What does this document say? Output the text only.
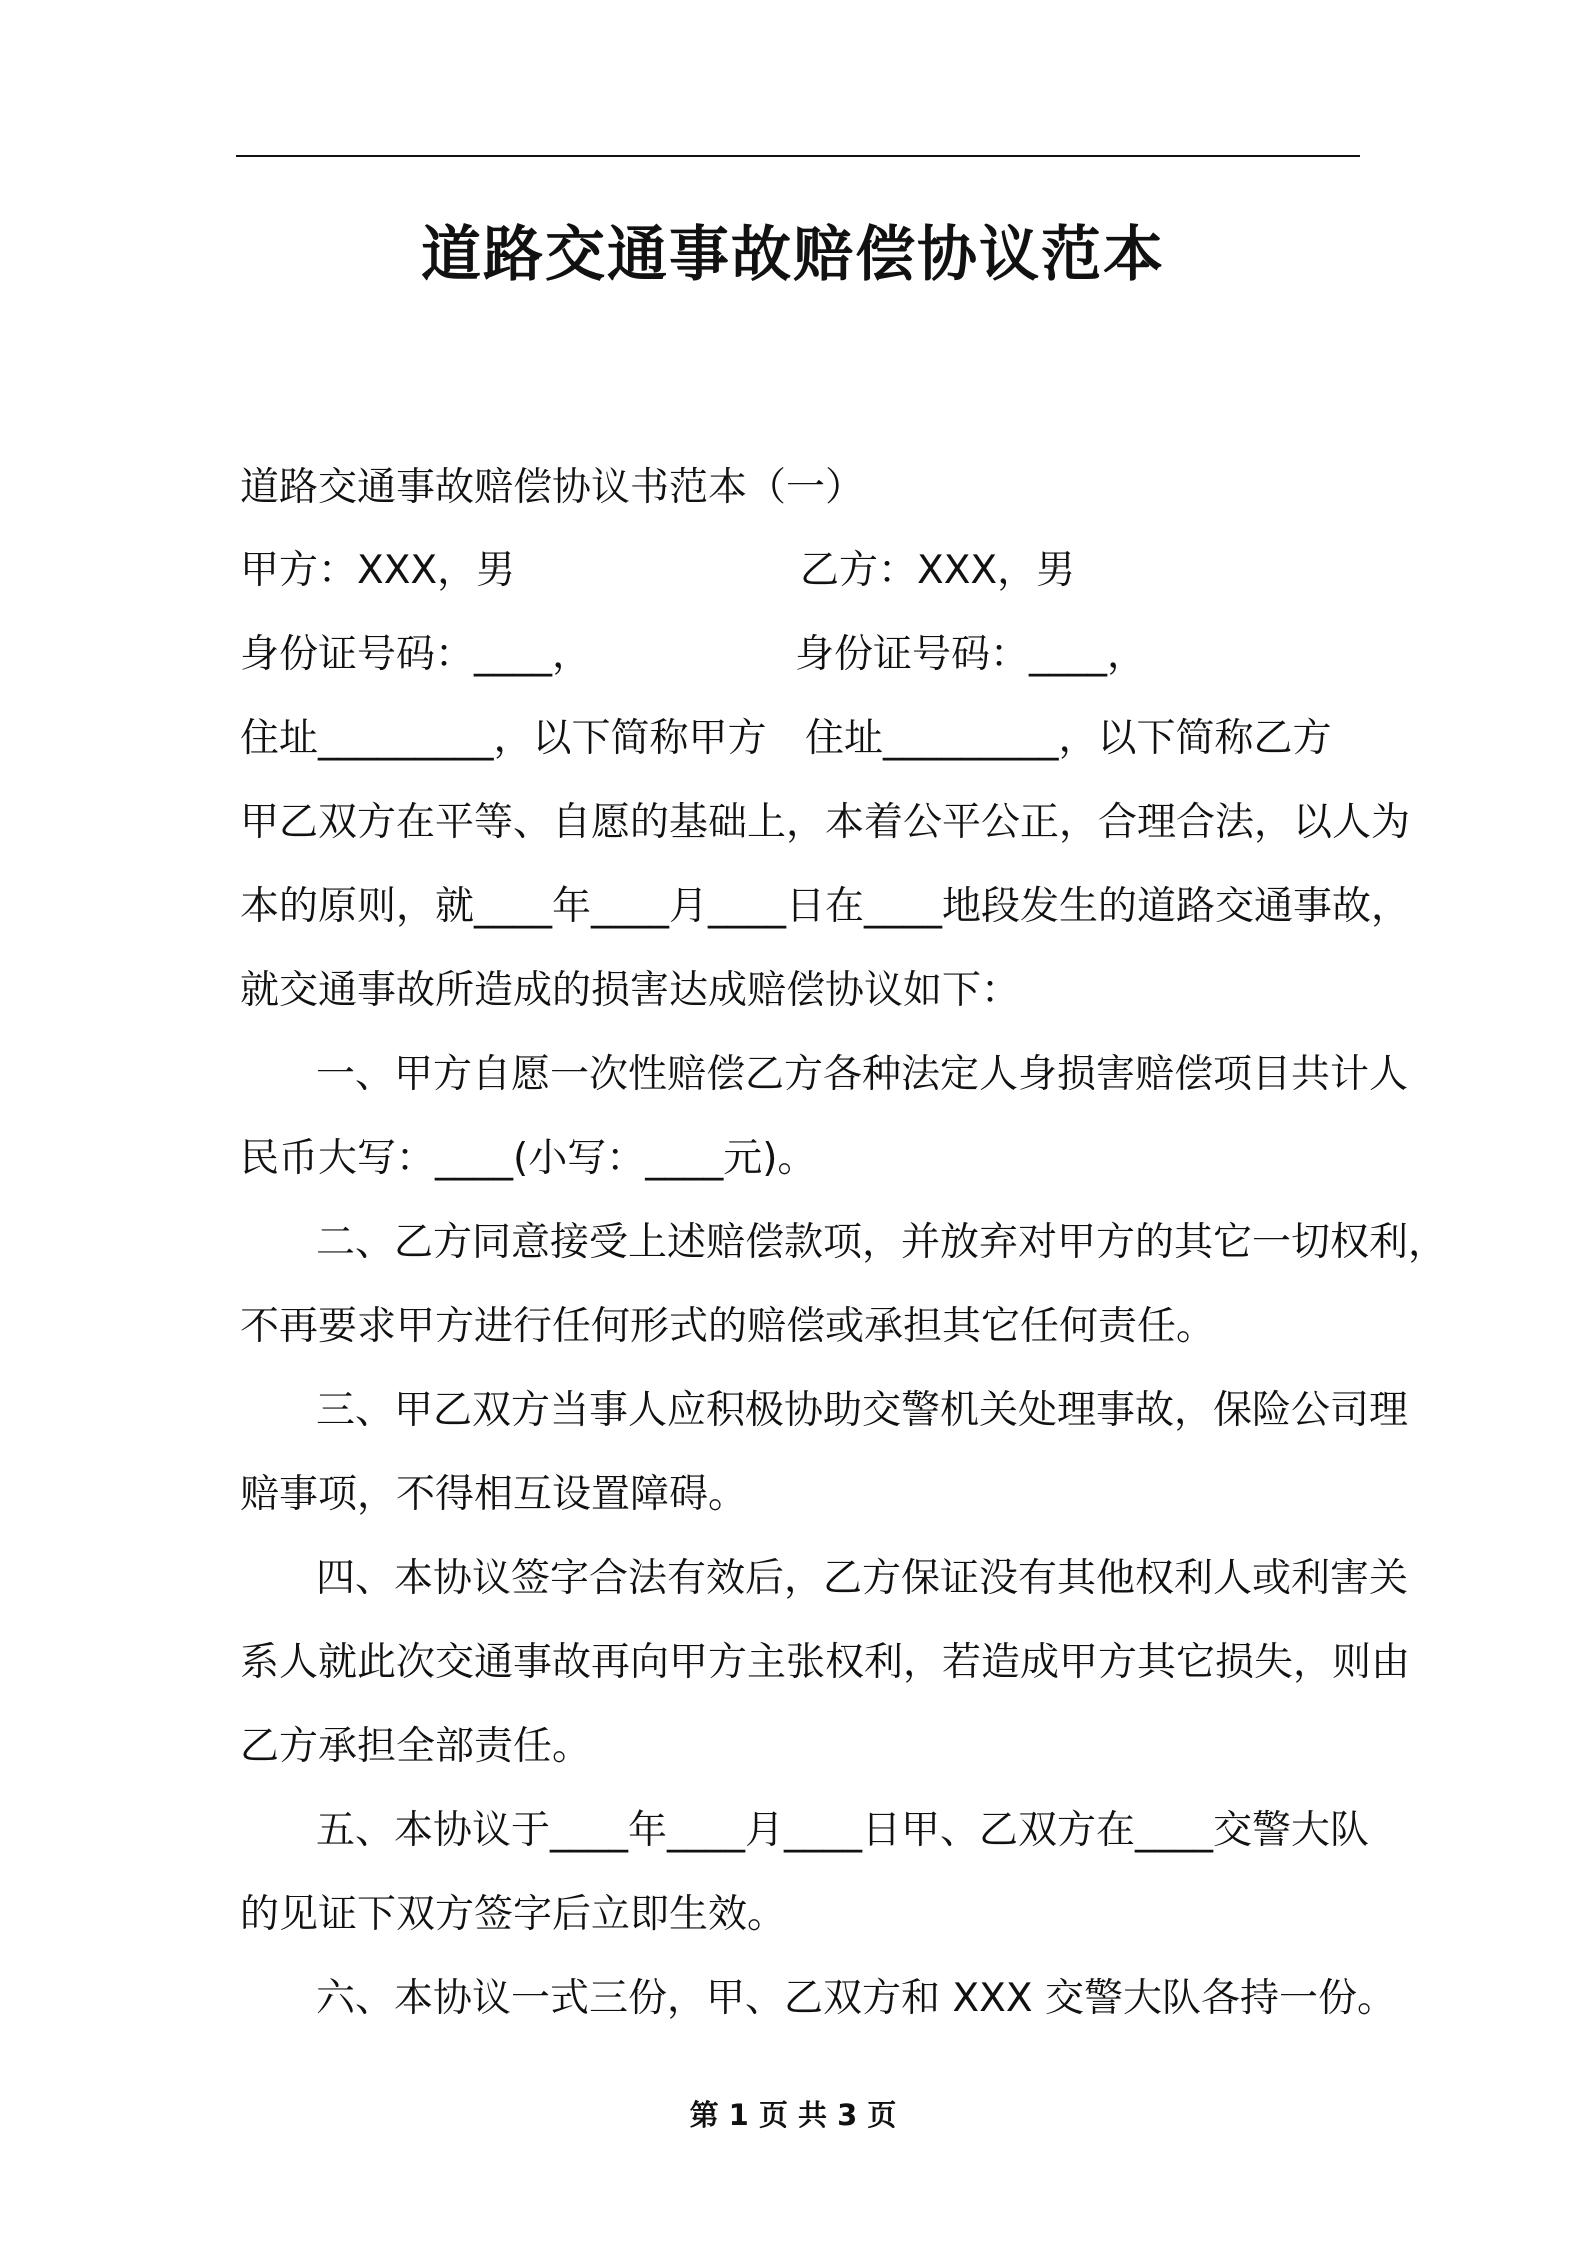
道路交通事故赔偿协议范本
道路交通事故赔偿协议书范本（一）
甲方：XXX，男	乙方：XXX，男
身份证号码：____，	身份证号码：____，
住址_________，以下简称甲方 住址_________，以下简称乙方
甲乙双方在平等、自愿的基础上，本着公平公正，合理合法，以人为
本的原则，就____年____月____日在____地段发生的道路交通事故，
就交通事故所造成的损害达成赔偿协议如下：
一、甲方自愿一次性赔偿乙方各种法定人身损害赔偿项目共计人
民币大写：____(小写：____元)。
二、乙方同意接受上述赔偿款项，并放弃对甲方的其它一切权利，
不再要求甲方进行任何形式的赔偿或承担其它任何责任。
三、甲乙双方当事人应积极协助交警机关处理事故，保险公司理
赔事项，不得相互设置障碍。
四、本协议签字合法有效后，乙方保证没有其他权利人或利害关
系人就此次交通事故再向甲方主张权利，若造成甲方其它损失，则由
乙方承担全部责任。
五、本协议于____年____月____日甲、乙双方在____交警大队
的见证下双方签字后立即生效。
六、本协议一式三份，甲、乙双方和 XXX 交警大队各持一份。
第 1 页 共 3 页
